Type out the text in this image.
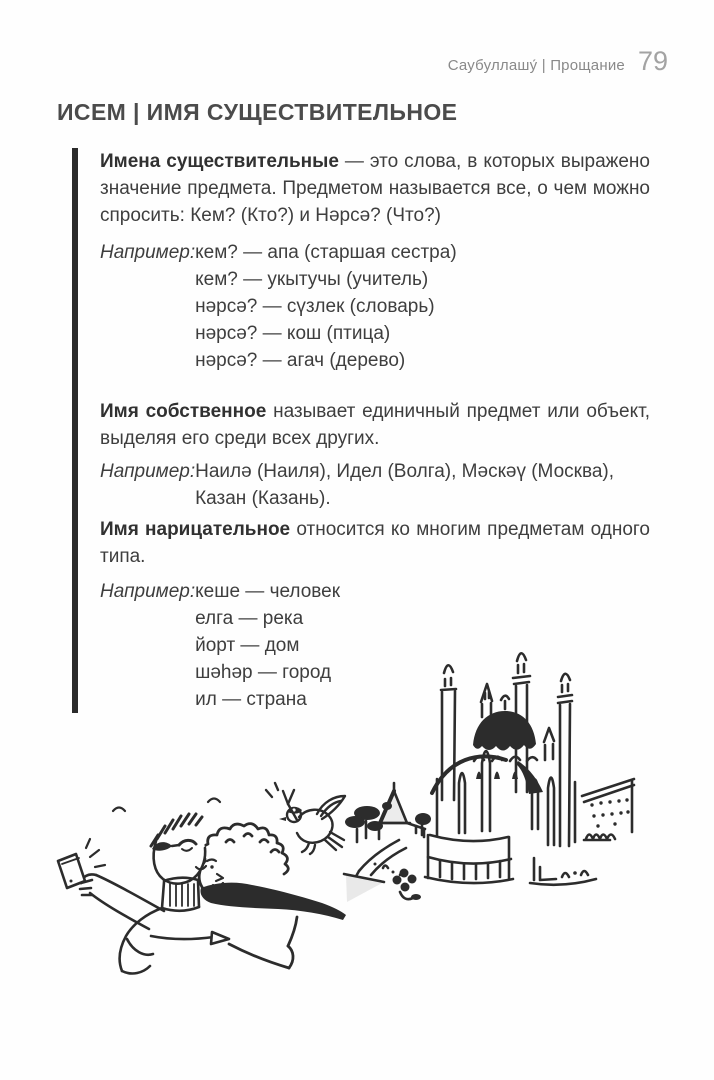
Саубуллашу́ | Прощание 79
ИСЕМ | ИМЯ СУЩЕСТВИТЕЛЬНОЕ

Имена существительные — это слова, в которых выражено значение предмета. Предметом называется все, о чем можно спросить: Кем? (Кто?) и Нәрсә? (Что?)

Например: кем? — апа (старшая сестра)
кем? — укытучы (учитель)
нәрсә? — сүзлек (словарь)
нәрсә? — кош (птица)
нәрсә? — агач (дерево)

Имя собственное называет единичный предмет или объект, выделяя его среди всех других.

Например: Наилә (Наиля), Идел (Волга), Мәскәү (Москва),
Казан (Казань).

Имя нарицательное относится ко многим предметам одного типа.

Например: кеше — человек
елга — река
йорт — дом
шәһәр — город
ил — страна
